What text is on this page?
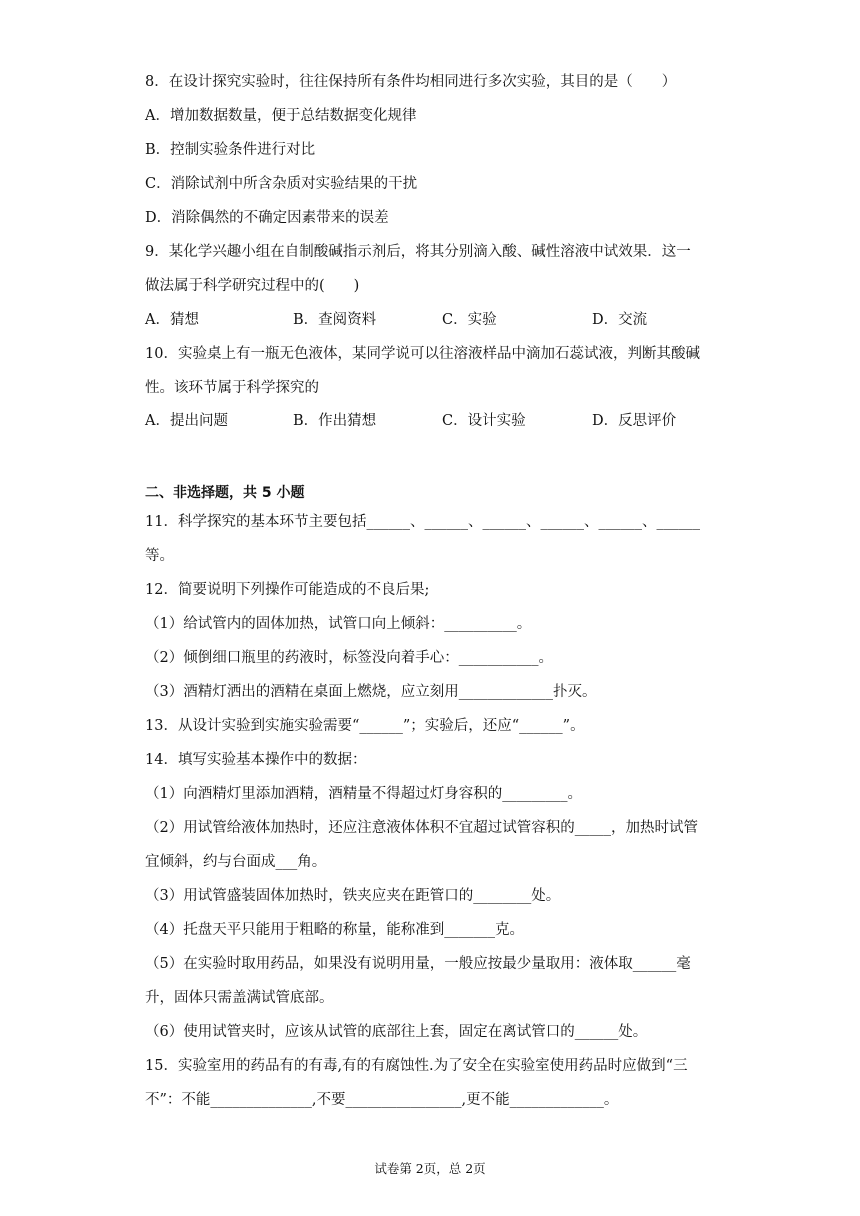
8．在设计探究实验时，往往保持所有条件均相同进行多次实验，其目的是（　　）
A．增加数据数量，便于总结数据变化规律
B．控制实验条件进行对比
C．消除试剂中所含杂质对实验结果的干扰
D．消除偶然的不确定因素带来的误差
9．某化学兴趣小组在自制酸碱指示剂后，将其分别滴入酸、碱性溶液中试效果．这一
做法属于科学研究过程中的(　　)
A．猜想	B．查阅资料	C．实验	D．交流
10．实验桌上有一瓶无色液体，某同学说可以往溶液样品中滴加石蕊试液，判断其酸碱
性。该环节属于科学探究的
A．提出问题	B．作出猜想	C．设计实验	D．反思评价
二、非选择题，共 5 小题
11．科学探究的基本环节主要包括______、______、______、______、______、______
等。
12．简要说明下列操作可能造成的不良后果;
（1）给试管内的固体加热，试管口向上倾斜：__________。
（2）倾倒细口瓶里的药液时，标签没向着手心：___________。
（3）酒精灯洒出的酒精在桌面上燃烧，应立刻用_____________扑灭。
13．从设计实验到实施实验需要“______”；实验后，还应“______”。
14．填写实验基本操作中的数据：
（1）向酒精灯里添加酒精，酒精量不得超过灯身容积的_________。
（2）用试管给液体加热时，还应注意液体体积不宜超过试管容积的_____，加热时试管
宜倾斜，约与台面成___角。
（3）用试管盛装固体加热时，铁夹应夹在距管口的________处。
（4）托盘天平只能用于粗略的称量，能称准到_______克。
（5）在实验时取用药品，如果没有说明用量，一般应按最少量取用：液体取______毫
升，固体只需盖满试管底部。
（6）使用试管夹时，应该从试管的底部往上套，固定在离试管口的______处。
15．实验室用的药品有的有毒,有的有腐蚀性.为了安全在实验室使用药品时应做到“三
不”：不能______________,不要________________,更不能_____________。
试卷第 2页，总 2页
